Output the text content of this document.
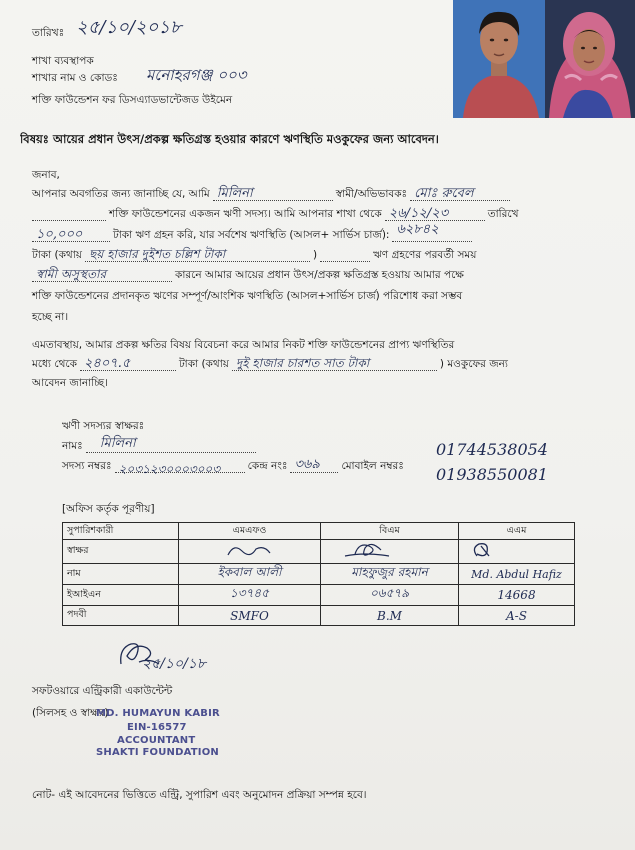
তারিখঃ ২৫/১০/২০১৮
শাখা ব্যবস্থাপক
শাখার নাম ও কোডঃ মনোহরগঞ্জ ০০৩
শক্তি ফাউন্ডেশন ফর ডিসএ্যাডভান্টেজড উইমেন
বিষয়ঃ আয়ের প্রধান উৎস/প্রকল্প ক্ষতিগ্রস্ত হওয়ার কারণে ঋণস্থিতি মওকুফের জন্য আবেদন।
জনাব,
আপনার অবগতির জন্য জানাচ্ছি যে, আমি মিলিনা	স্বামী/অভিভাবকঃ মোঃ রুবেল
শক্তি ফাউন্ডেশনের একজন ঋণী সদস্য। আমি আপনার শাখা থেকে ২৬/১২/২৩	তারিখে
১০,০০০	টাকা ঋণ গ্রহন করি, যার সর্বশেষ ঋণস্থিতি (আসল+ সার্ভিস চার্জ): ৬২৮৪২
টাকা (কথায় ছয় হাজার দুইশত চল্লিশ টাকা	)	ঋণ গ্রহণের পরবর্তী সময়
স্বামী অসুস্থতার	কারনে আমার আয়ের প্রধান উৎস/প্রকল্প ক্ষতিগ্রস্ত হওয়ায় আমার পক্ষে
শক্তি ফাউন্ডেশনের প্রদানকৃত ঋণের সম্পূর্ণ/আংশিক ঋণস্থিতি (আসল+সার্ভিস চার্জ) পরিশোধ করা সম্ভব
হচ্ছে না।
এমতাবস্থায়, আমার প্রকল্প ক্ষতির বিষয় বিবেচনা করে আমার নিকট শক্তি ফাউন্ডেশনের প্রাপ্য ঋণস্থিতির
মধ্যে থেকে ২৪০৭.৫	টাকা (কথায় দুই হাজার চারশত সাত টাকা	) মওকুফের জন্য
আবেদন জানাচ্ছি।
ঋণী সদস্যর স্বাক্ষরঃ
নামঃ মিলিনা
সদস্য নম্বরঃ ২০৩১২৩০০০৩০০৩	কেন্দ্র নংঃ ৩৬৯ মোবাইল নম্বরঃ
01744538054
01938550081
[অফিস কর্তৃক পূরণীয়]
সুপারিশকারী	এমএফও	বিএম	এএম
স্বাক্ষর			
নাম	ইকবাল আলী	মাহফুজুর রহমান	Md. Abdul Hafiz
ইআইএন	১৩৭৪৫	০৬৫৭৯	14668
পদবী	SMFO	B.M	A-S
২৫/১০/১৮
সফটওয়ারে এন্ট্রিকারী একাউন্টেন্ট
(সিলসহ ও স্বাক্ষর)
MD. HUMAYUN KABIR
EIN-16577
ACCOUNTANT
SHAKTI FOUNDATION
নোট- এই আবেদনের ভিত্তিতে এন্ট্রি, সুপারিশ এবং অনুমোদন প্রক্রিয়া সম্পন্ন হবে।
